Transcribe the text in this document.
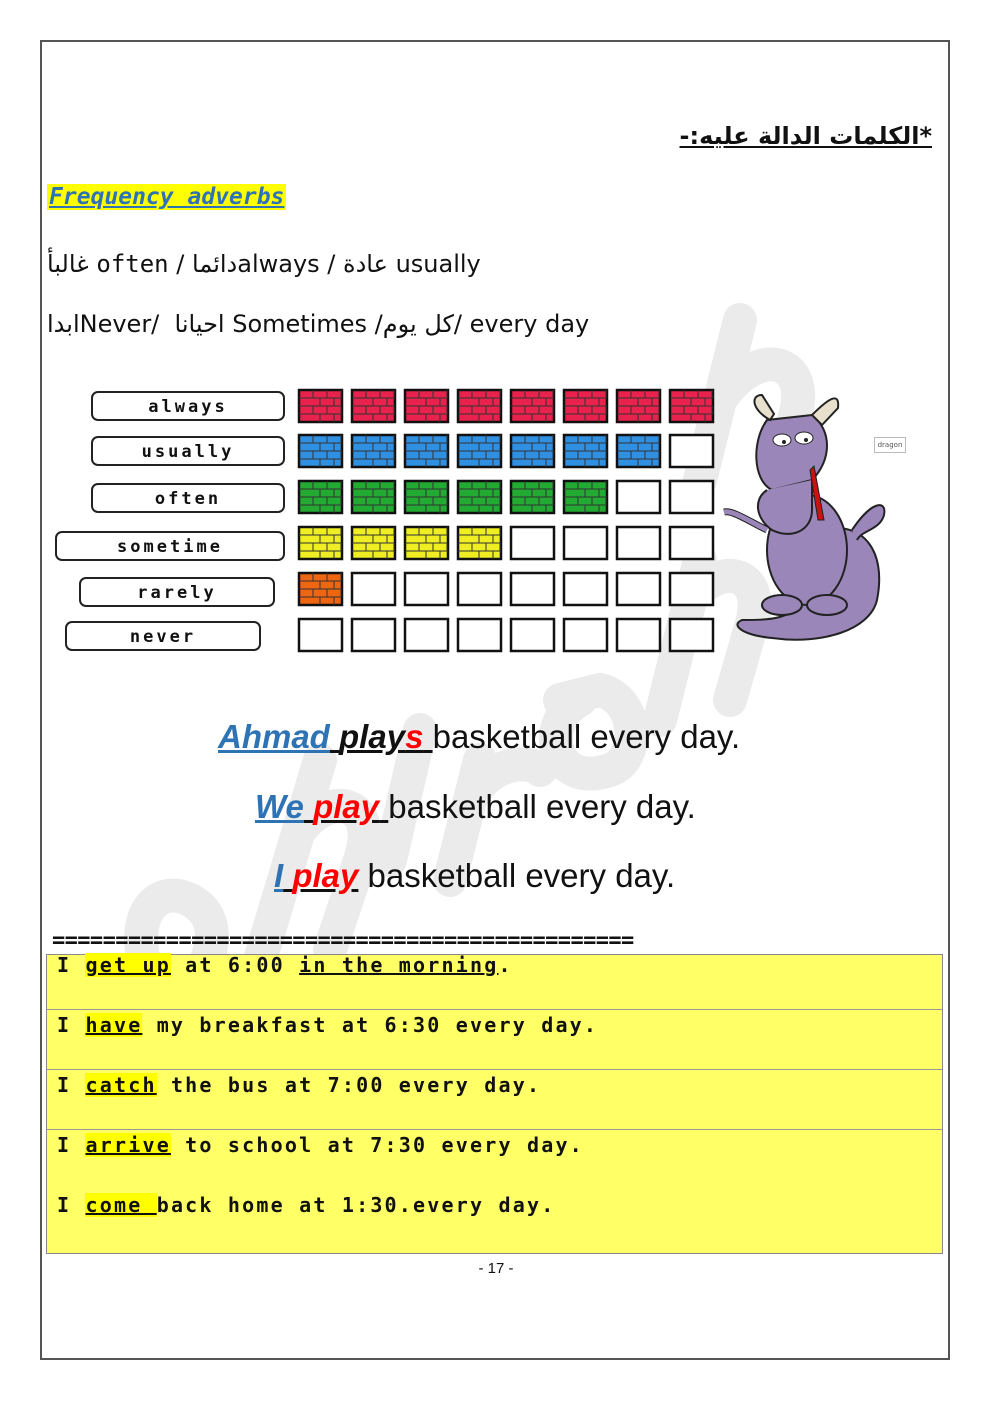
*الكلمات الدالة عليه:-
Frequency adverbs
غالبأ often / دائماalways / عادة usually
ابداNever/ احيانا Sometimes /كل يوم/ every day
always
usually
often
sometime
rarely
never
dragon
Ahmad plays basketball every day.
We play basketball every day.
I play basketball every day.
==============================================
I get up at 6:00 in the morning.
I have my breakfast at 6:30 every day.
I catch the bus at 7:00 every day.
I arrive to school at 7:30 every day.
I come back home at 1:30.every day.
- 17 -
